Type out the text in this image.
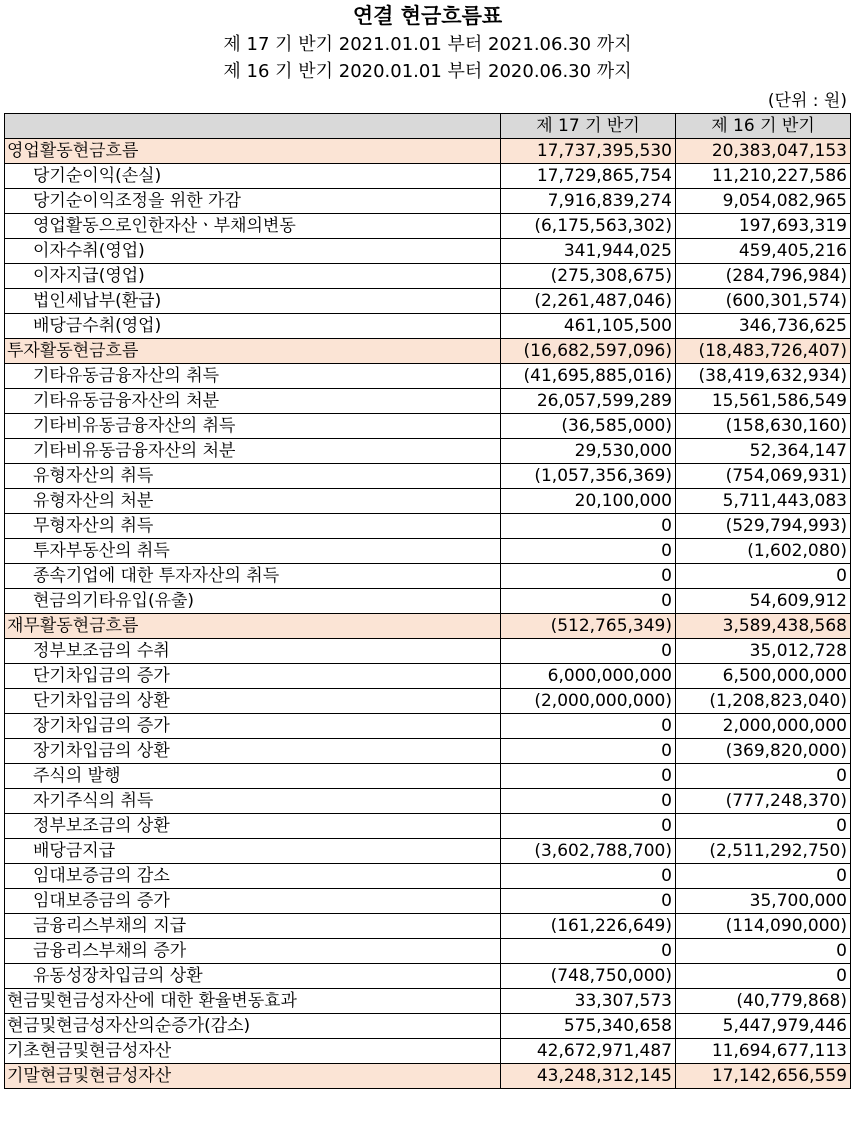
연결 현금흐름표
제 17 기 반기 2021.01.01 부터 2021.06.30 까지
제 16 기 반기 2020.01.01 부터 2020.06.30 까지
(단위 : 원)
	제 17 기 반기	제 16 기 반기
영업활동현금흐름	17,737,395,530	20,383,047,153
당기순이익(손실)	17,729,865,754	11,210,227,586
당기순이익조정을 위한 가감	7,916,839,274	9,054,082,965
영업활동으로인한자산ㆍ부채의변동	(6,175,563,302)	197,693,319
이자수취(영업)	341,944,025	459,405,216
이자지급(영업)	(275,308,675)	(284,796,984)
법인세납부(환급)	(2,261,487,046)	(600,301,574)
배당금수취(영업)	461,105,500	346,736,625
투자활동현금흐름	(16,682,597,096)	(18,483,726,407)
기타유동금융자산의 취득	(41,695,885,016)	(38,419,632,934)
기타유동금융자산의 처분	26,057,599,289	15,561,586,549
기타비유동금융자산의 취득	(36,585,000)	(158,630,160)
기타비유동금융자산의 처분	29,530,000	52,364,147
유형자산의 취득	(1,057,356,369)	(754,069,931)
유형자산의 처분	20,100,000	5,711,443,083
무형자산의 취득	0	(529,794,993)
투자부동산의 취득	0	(1,602,080)
종속기업에 대한 투자자산의 취득	0	0
현금의기타유입(유출)	0	54,609,912
재무활동현금흐름	(512,765,349)	3,589,438,568
정부보조금의 수취	0	35,012,728
단기차입금의 증가	6,000,000,000	6,500,000,000
단기차입금의 상환	(2,000,000,000)	(1,208,823,040)
장기차입금의 증가	0	2,000,000,000
장기차입금의 상환	0	(369,820,000)
주식의 발행	0	0
자기주식의 취득	0	(777,248,370)
정부보조금의 상환	0	0
배당금지급	(3,602,788,700)	(2,511,292,750)
임대보증금의 감소	0	0
임대보증금의 증가	0	35,700,000
금융리스부채의 지급	(161,226,649)	(114,090,000)
금융리스부채의 증가	0	0
유동성장차입금의 상환	(748,750,000)	0
현금및현금성자산에 대한 환율변동효과	33,307,573	(40,779,868)
현금및현금성자산의순증가(감소)	575,340,658	5,447,979,446
기초현금및현금성자산	42,672,971,487	11,694,677,113
기말현금및현금성자산	43,248,312,145	17,142,656,559
